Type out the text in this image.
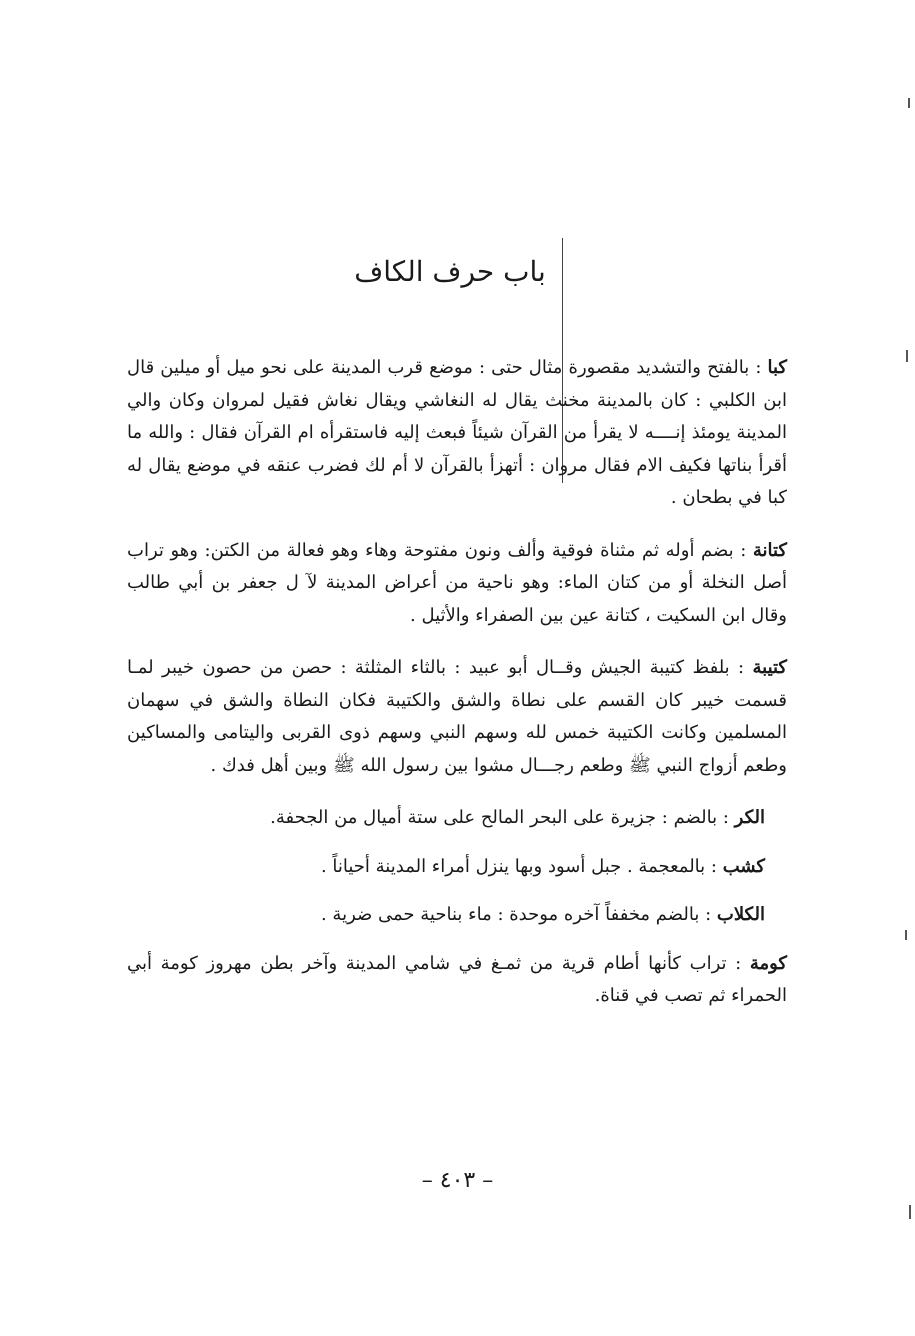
باب حرف الكاف

كبا : بالفتح والتشديد مقصورة مثال حتى : موضع قرب المدينة على نحو ميل أو ميلين قال ابن الكلبي : كان بالمدينة مخنث يقال له النغاشي ويقال نغاش فقيل لمروان وكان والي المدينة يومئذ إنــــه لا يقرأ من القرآن شيئاً فبعث إليه فاستقرأه ام القرآن فقال : والله ما أقرأ بناتها فكيف الام فقال مروان : أتهزأ بالقرآن لا أم لك فضرب عنقه في موضع يقال له كبا في بطحان .

كتانة : بضم أوله ثم مثناة فوقية وألف ونون مفتوحة وهاء وهو فعالة من الكتن: وهو تراب أصل النخلة أو من كتان الماء: وهو ناحية من أعراض المدينة لآ ل جعفر بن أبي طالب وقال ابن السكيت ، كتانة عين بين الصفراء والأثيل .

كتيبة : بلفظ كتيبة الجيش وقــال أبو عبيد : بالثاء المثلثة : حصن من حصون خيبر لمـا قسمت خيبر كان القسم على نطاة والشق والكتيبة فكان النطاة والشق في سهمان المسلمين وكانت الكتيبة خمس لله وسهم النبي وسهم ذوى القربى واليتامى والمساكين وطعم أزواج النبي ﷺ وطعم رجـــال مشوا بين رسول الله ﷺ وبين أهل فدك .

الكر : بالضم : جزيرة على البحر المالح على ستة أميال من الجحفة.

كشب : بالمعجمة . جبل أسود وبها ينزل أمراء المدينة أحياناً .

الكلاب : بالضم مخففاً آخره موحدة : ماء بناحية حمى ضرية .

كومة : تراب كأنها أطام قرية من ثمـغ في شامي المدينة وآخر بطن مهروز كومة أبي الحمراء ثم تصب في قناة.

– ٤٠٣ –
